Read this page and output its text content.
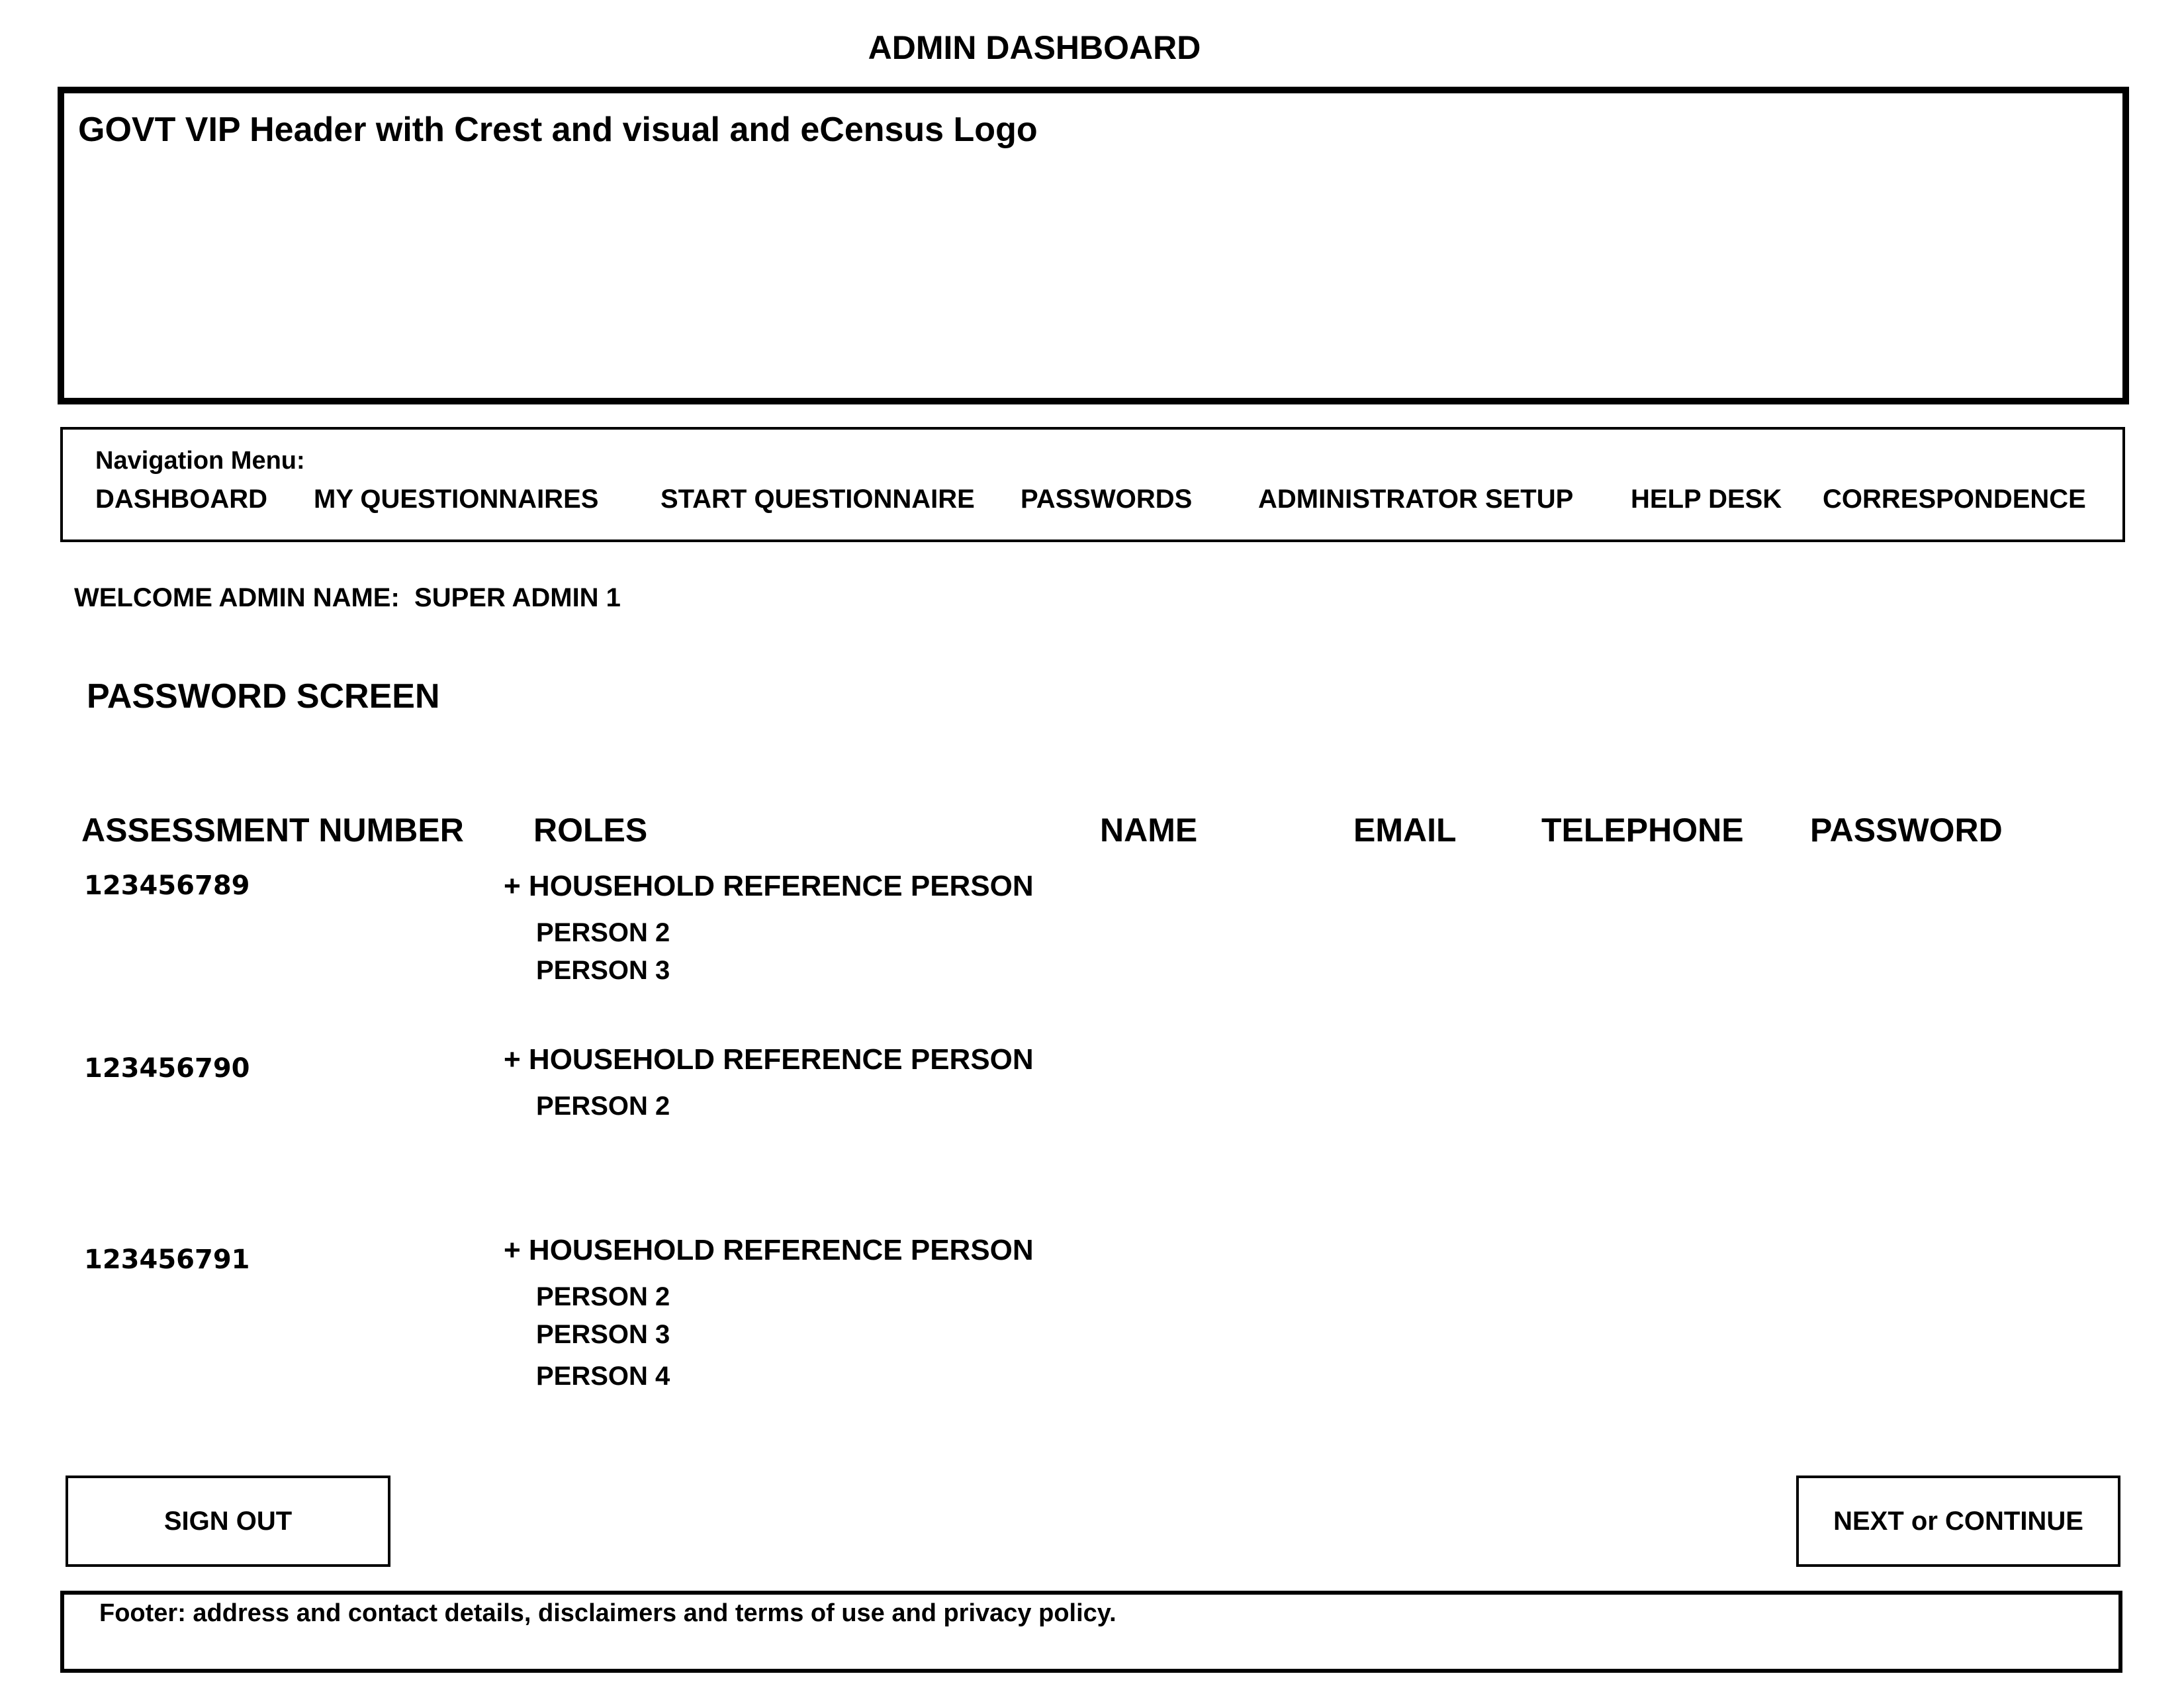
ADMIN DASHBOARD
GOVT VIP Header with Crest and visual and eCensus Logo
Navigation Menu:
DASHBOARD MY QUESTIONNAIRES START QUESTIONNAIRE PASSWORDS ADMINISTRATOR SETUP HELP DESK CORRESPONDENCE
WELCOME ADMIN NAME: SUPER ADMIN 1
PASSWORD SCREEN
ASSESSMENT NUMBER ROLES	NAME	EMAIL	TELEPHONE PASSWORD
123456789	+ HOUSEHOLD REFERENCE PERSON
PERSON 2
PERSON 3
123456790	+ HOUSEHOLD REFERENCE PERSON
PERSON 2
123456791	+ HOUSEHOLD REFERENCE PERSON
PERSON 2
PERSON 3
PERSON 4
SIGN OUT	NEXT or CONTINUE
Footer: address and contact details, disclaimers and terms of use and privacy policy.
